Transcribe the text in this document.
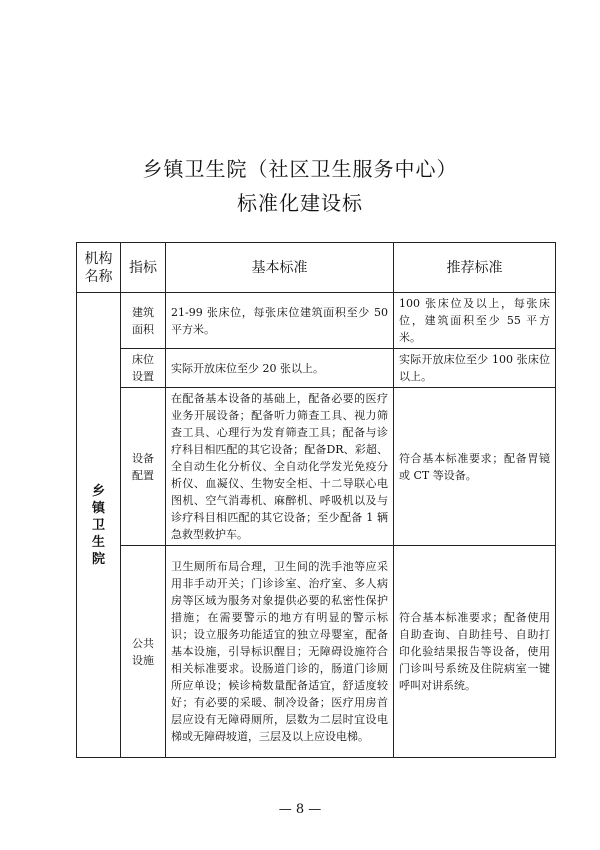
乡镇卫生院（社区卫生服务中心）
标准化建设标
机构名称	指标	基本标准	推荐标准
乡镇卫生院	建筑面积	21-99 张床位，每张床位建筑面积至少 50 平方米。	100 张床位及以上，每张床位，建筑面积至少 55 平方米。

	床位设置	实际开放床位至少 20 张以上。	实际开放床位至少 100 张床位以上。

	设备配置	在配备基本设备的基础上，配备必要的医疗业务开展设备；配备听力筛查工具、视力筛查工具、心理行为发育筛查工具；配备与诊疗科目相匹配的其它设备；配备DR、彩超、全自动生化分析仪、全自动化学发光免疫分析仪、血凝仪、生物安全柜、十二导联心电图机、空气消毒机、麻醉机、呼吸机以及与诊疗科目相匹配的其它设备；至少配备 1 辆急救型救护车。	符合基本标准要求；配备胃镜或 CT 等设备。

	公共设施	卫生厕所布局合理，卫生间的洗手池等应采用非手动开关；门诊诊室、治疗室、多人病房等区域为服务对象提供必要的私密性保护措施；在需要警示的地方有明显的警示标识；设立服务功能适宜的独立母婴室，配备基本设施，引导标识醒目；无障碍设施符合相关标准要求。设肠道门诊的，肠道门诊厕所应单设；候诊椅数量配备适宜，舒适度较好；有必要的采暖、制冷设备；医疗用房首层应设有无障碍厕所，层数为二层时宜设电梯或无障碍坡道，三层及以上应设电梯。	符合基本标准要求；配备使用自助查询、自助挂号、自助打印化验结果报告等设备，使用门诊叫号系统及住院病室一键呼叫对讲系统。
— 8 —
